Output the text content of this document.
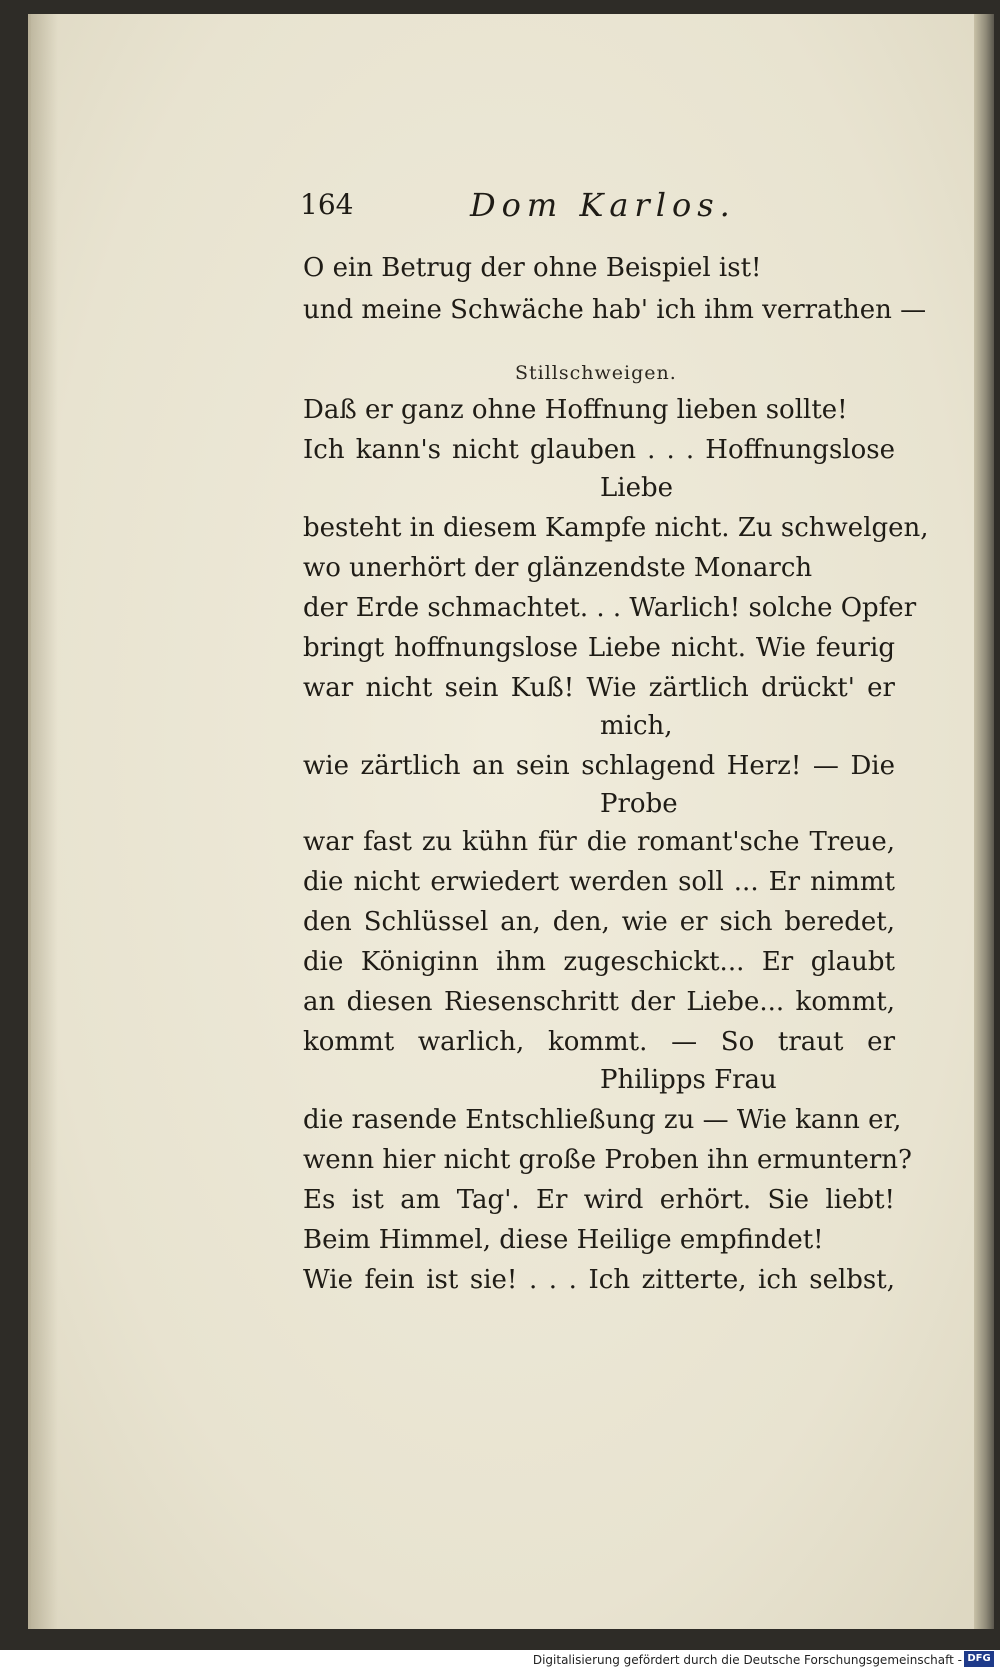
164	Dom Karlos.
O ein Betrug der ohne Beispiel ist!
und meine Schwäche hab' ich ihm verrathen —
Stillschweigen.
Daß er ganz ohne Hoffnung lieben sollte!
Ich kann's nicht glauben . . . Hoffnungslose
Liebe
besteht in diesem Kampfe nicht. Zu schwelgen,
wo unerhört der glänzendste Monarch
der Erde schmachtet. . . Warlich! solche Opfer
bringt hoffnungslose Liebe nicht. Wie feurig
war nicht sein Kuß! Wie zärtlich drückt' er
mich,
wie zärtlich an sein schlagend Herz! — Die
Probe
war fast zu kühn für die romant'sche Treue,
die nicht erwiedert werden soll ... Er nimmt
den Schlüssel an, den, wie er sich beredet,
die Königinn ihm zugeschickt... Er glaubt
an diesen Riesenschritt der Liebe... kommt,
kommt warlich, kommt. — So traut er
Philipps Frau
die rasende Entschließung zu — Wie kann er,
wenn hier nicht große Proben ihn ermuntern?
Es ist am Tag'. Er wird erhört. Sie liebt!
Beim Himmel, diese Heilige empfindet!
Wie fein ist sie! . . . Ich zitterte, ich selbst,
Digitalisierung gefördert durch die Deutsche Forschungsgemeinschaft - DFG
